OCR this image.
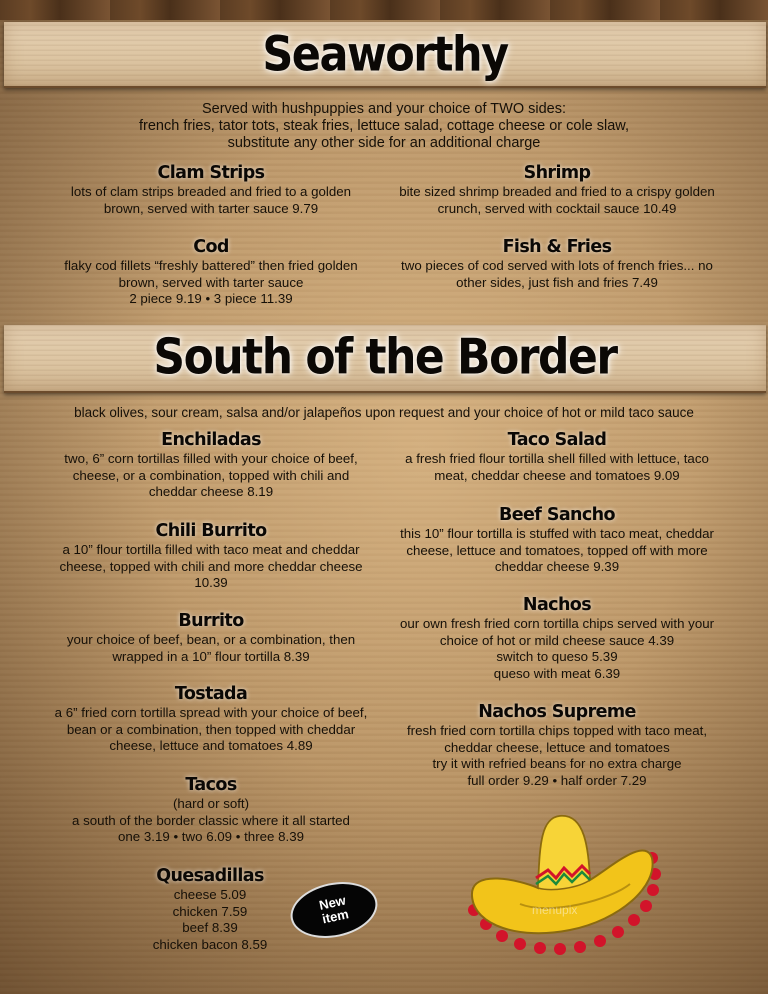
Seaworthy
Served with hushpuppies and your choice of TWO sides:
french fries, tator tots, steak fries, lettuce salad, cottage cheese or cole slaw,
substitute any other side for an additional charge
Clam Strips

lots of clam strips breaded and fried to a golden

brown, served with tarter sauce 9.79

Shrimp

bite sized shrimp breaded and fried to a crispy golden

crunch, served with cocktail sauce 10.49

Cod

flaky cod fillets “freshly battered” then fried golden

brown, served with tarter sauce

2 piece 9.19 • 3 piece 11.39

Fish & Fries

two pieces of cod served with lots of french fries... no

other sides, just fish and fries 7.49

South of the Border
black olives, sour cream, salsa and/or jalapeños upon request and your choice of hot or mild taco sauce
Enchiladas

two, 6” corn tortillas filled with your choice of beef,

cheese, or a combination, topped with chili and

cheddar cheese 8.19

Chili Burrito

a 10” flour tortilla filled with taco meat and cheddar

cheese, topped with chili and more cheddar cheese

10.39

Burrito

your choice of beef, bean, or a combination, then

wrapped in a 10” flour tortilla 8.39

Tostada

a 6” fried corn tortilla spread with your choice of beef,

bean or a combination, then topped with cheddar

cheese, lettuce and tomatoes 4.89

Tacos

(hard or soft)

a south of the border classic where it all started

one 3.19 • two 6.09 • three 8.39

Quesadillas

cheese 5.09

chicken 7.59

beef 8.39

chicken bacon 8.59

Taco Salad

a fresh fried flour tortilla shell filled with lettuce, taco

meat, cheddar cheese and tomatoes 9.09

Beef Sancho

this 10” flour tortilla is stuffed with taco meat, cheddar

cheese, lettuce and tomatoes, topped off with more

cheddar cheese 9.39

Nachos

our own fresh fried corn tortilla chips served with your

choice of hot or mild cheese sauce 4.39

switch to queso 5.39

queso with meat 6.39

Nachos Supreme

fresh fried corn tortilla chips topped with taco meat,

cheddar cheese, lettuce and tomatoes

try it with refried beans for no extra charge

full order 9.29 • half order 7.29

New
item	menupix
